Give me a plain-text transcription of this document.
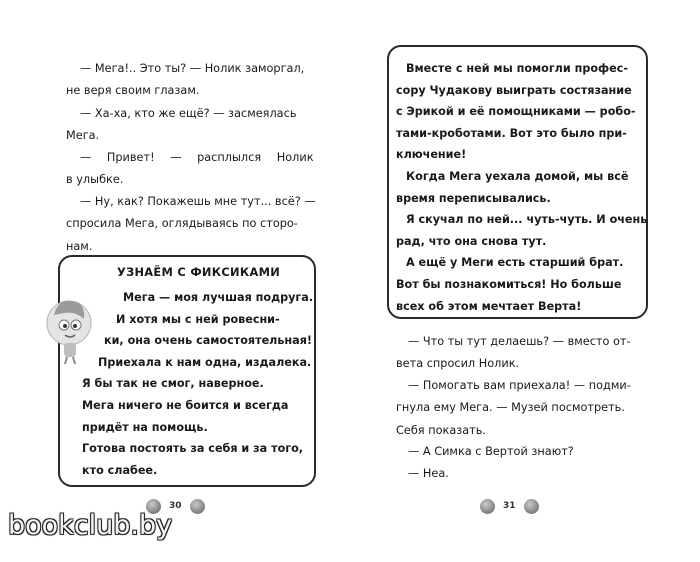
— Мега!.. Это ты? — Нолик заморгал,
не веря своим глазам.
— Ха-ха, кто же ещё? — засмеялась
Мега.
— Привет! — расплылся Нолик
в улыбке.
— Ну, как? Покажешь мне тут... всё? —
спросила Мега, оглядываясь по сторо-
нам.
УЗНАЁМ С ФИКСИКАМИ
Мега — моя лучшая подруга.
И хотя мы с ней ровесни-
ки, она очень самостоятельная!
Приехала к нам одна, издалека.
Я бы так не смог, наверное.
Мега ничего не боится и всегда
придёт на помощь.
Готова постоять за себя и за того,
кто слабее.
30
Вместе с ней мы помогли профес-
сору Чудакову выиграть состязание
с Эрикой и её помощниками — робо-
тами-кроботами. Вот это было при-
ключение!
Когда Мега уехала домой, мы всё
время переписывались.
Я скучал по ней... чуть-чуть. И очень
рад, что она снова тут.
А ещё у Меги есть старший брат.
Вот бы познакомиться! Но больше
всех об этом мечтает Верта!
— Что ты тут делаешь? — вместо от-
вета спросил Нолик.
— Помогать вам приехала! — подми-
гнула ему Мега. — Музей посмотреть.
Себя показать.
— А Симка с Вертой знают?
— Неа.
31
bookclub.by
